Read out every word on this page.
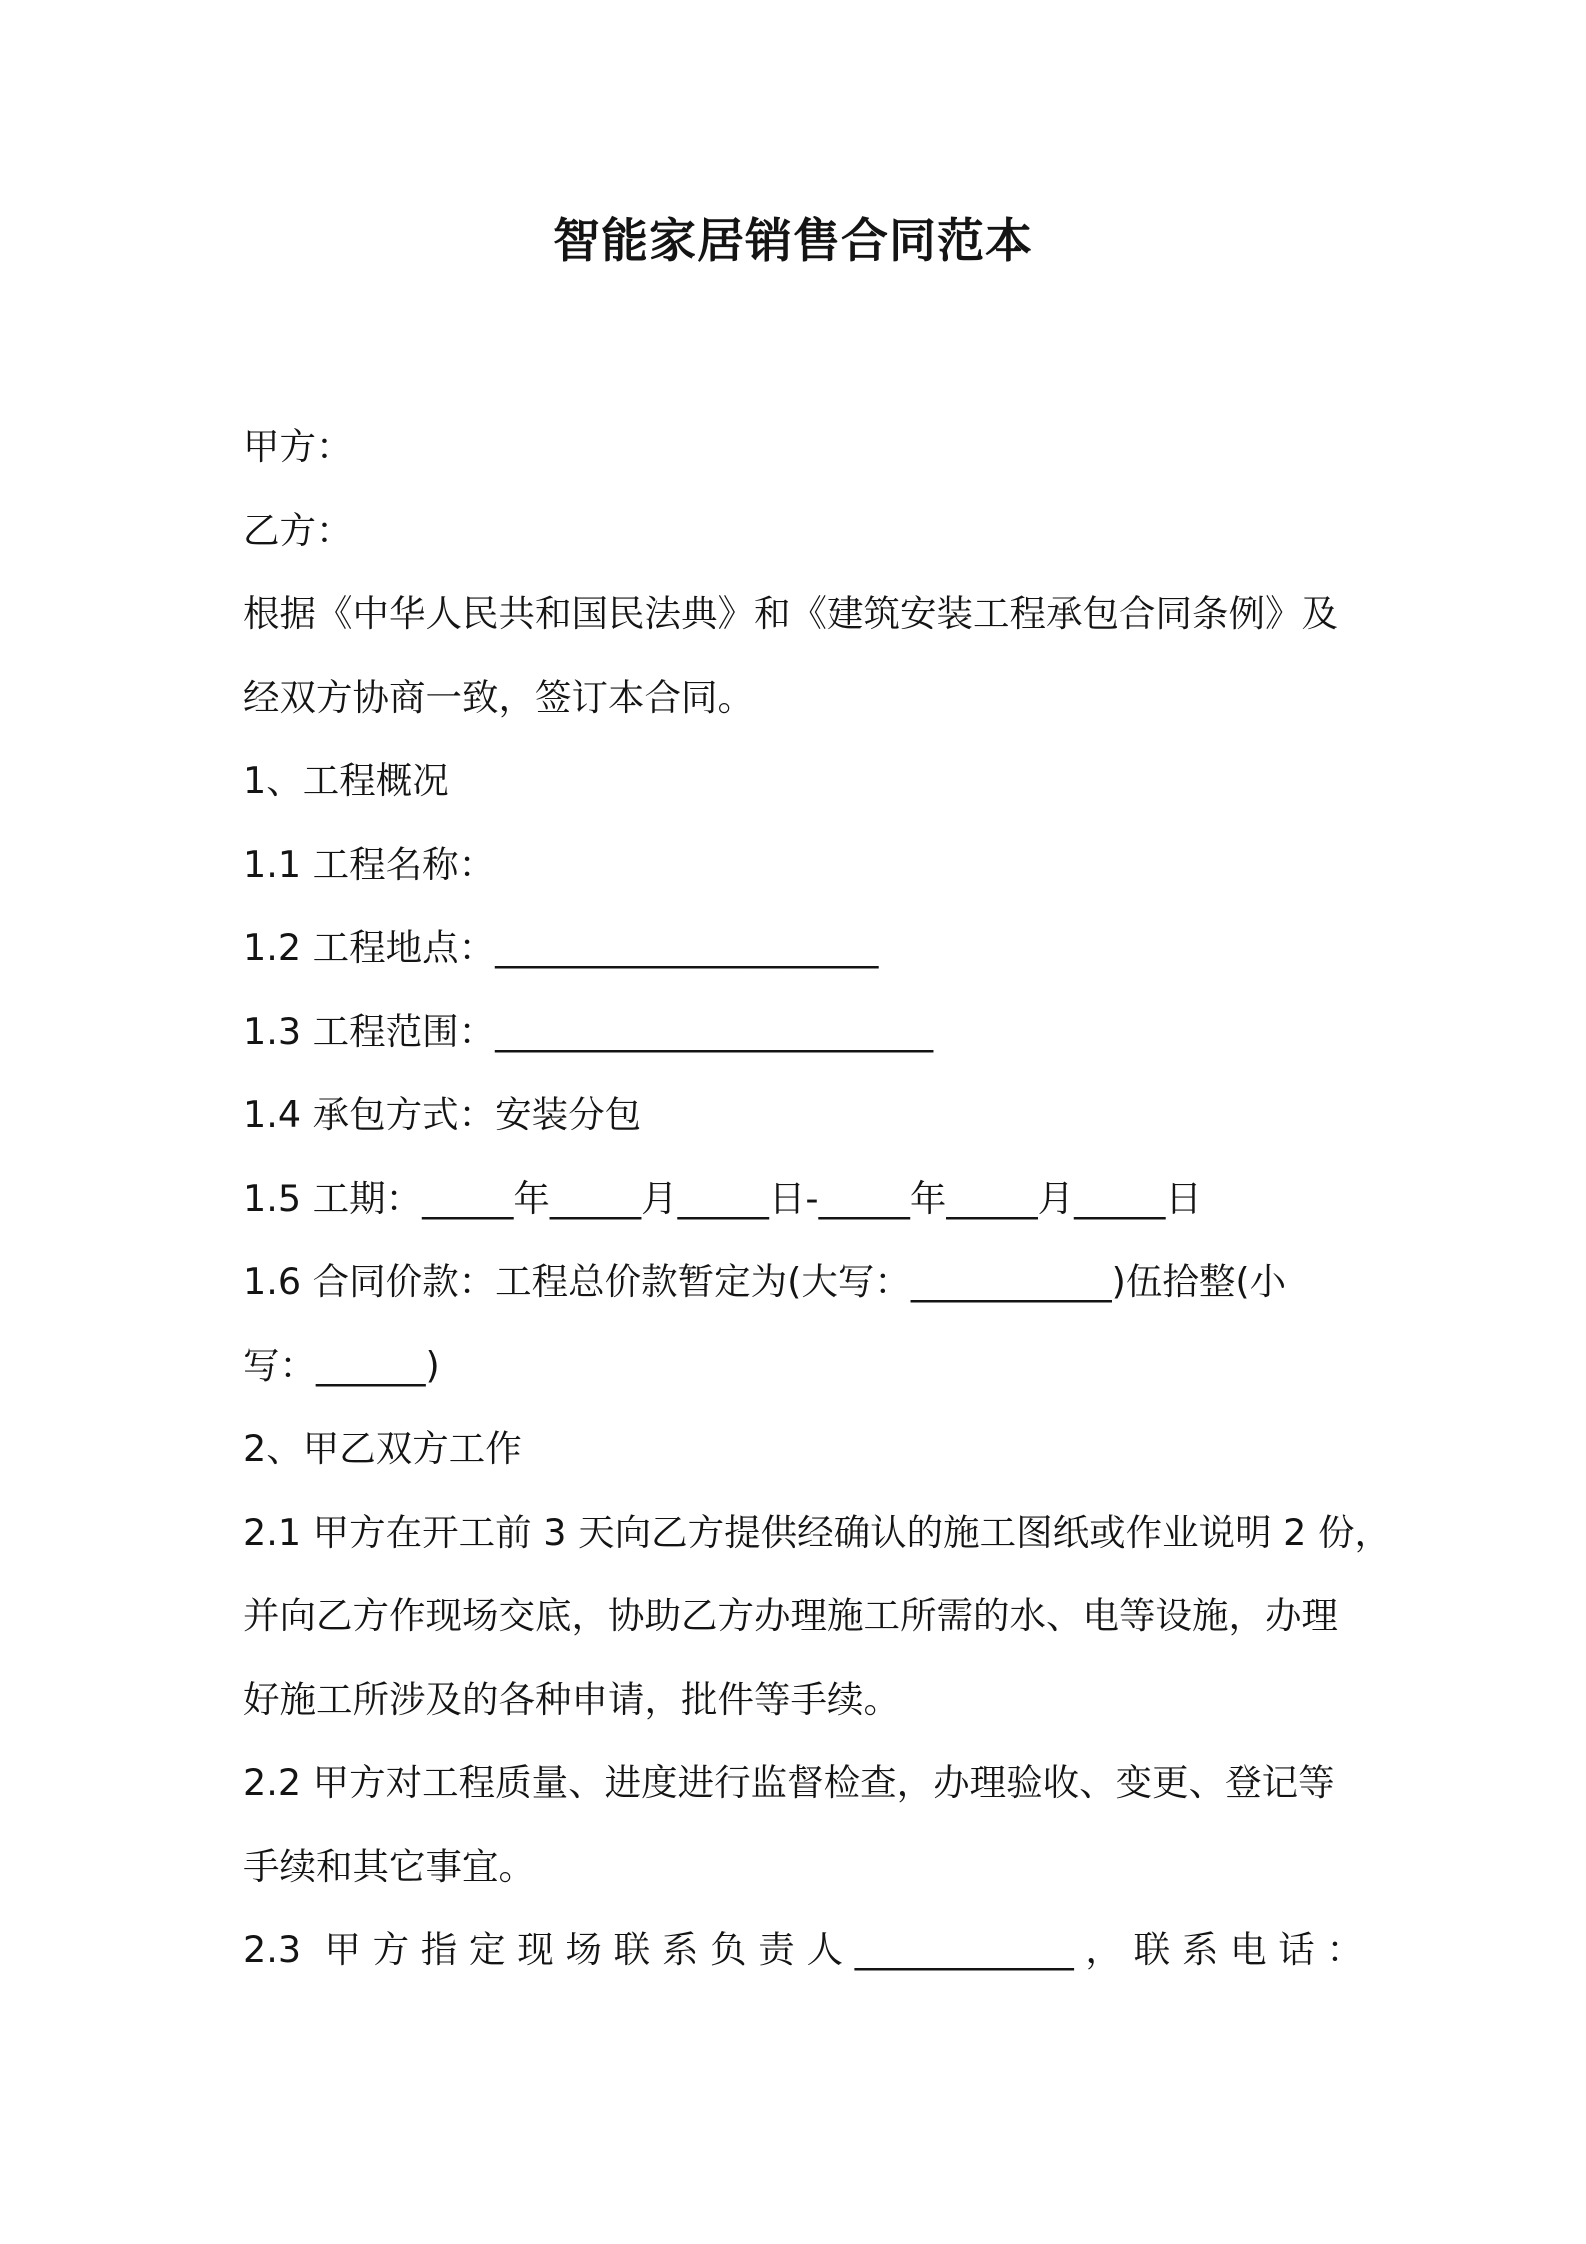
智能家居销售合同范本
甲方：
乙方：
根据《中华人民共和国民法典》和《建筑安装工程承包合同条例》及
经双方协商一致，签订本合同。
1、工程概况
1.1 工程名称：
1.2 工程地点：_____________________
1.3 工程范围：________________________
1.4 承包方式：安装分包
1.5 工期：_____年_____月_____日-_____年_____月_____日
1.6 合同价款：工程总价款暂定为(大写：___________)伍拾整(小
写：______)
2、甲乙双方工作
2.1 甲方在开工前 3 天向乙方提供经确认的施工图纸或作业说明 2 份，
并向乙方作现场交底，协助乙方办理施工所需的水、电等设施，办理
好施工所涉及的各种申请，批件等手续。
2.2 甲方对工程质量、进度进行监督检查，办理验收、变更、登记等
手续和其它事宜。
2.3 甲方指定现场联系负责人____________，联系电话：
